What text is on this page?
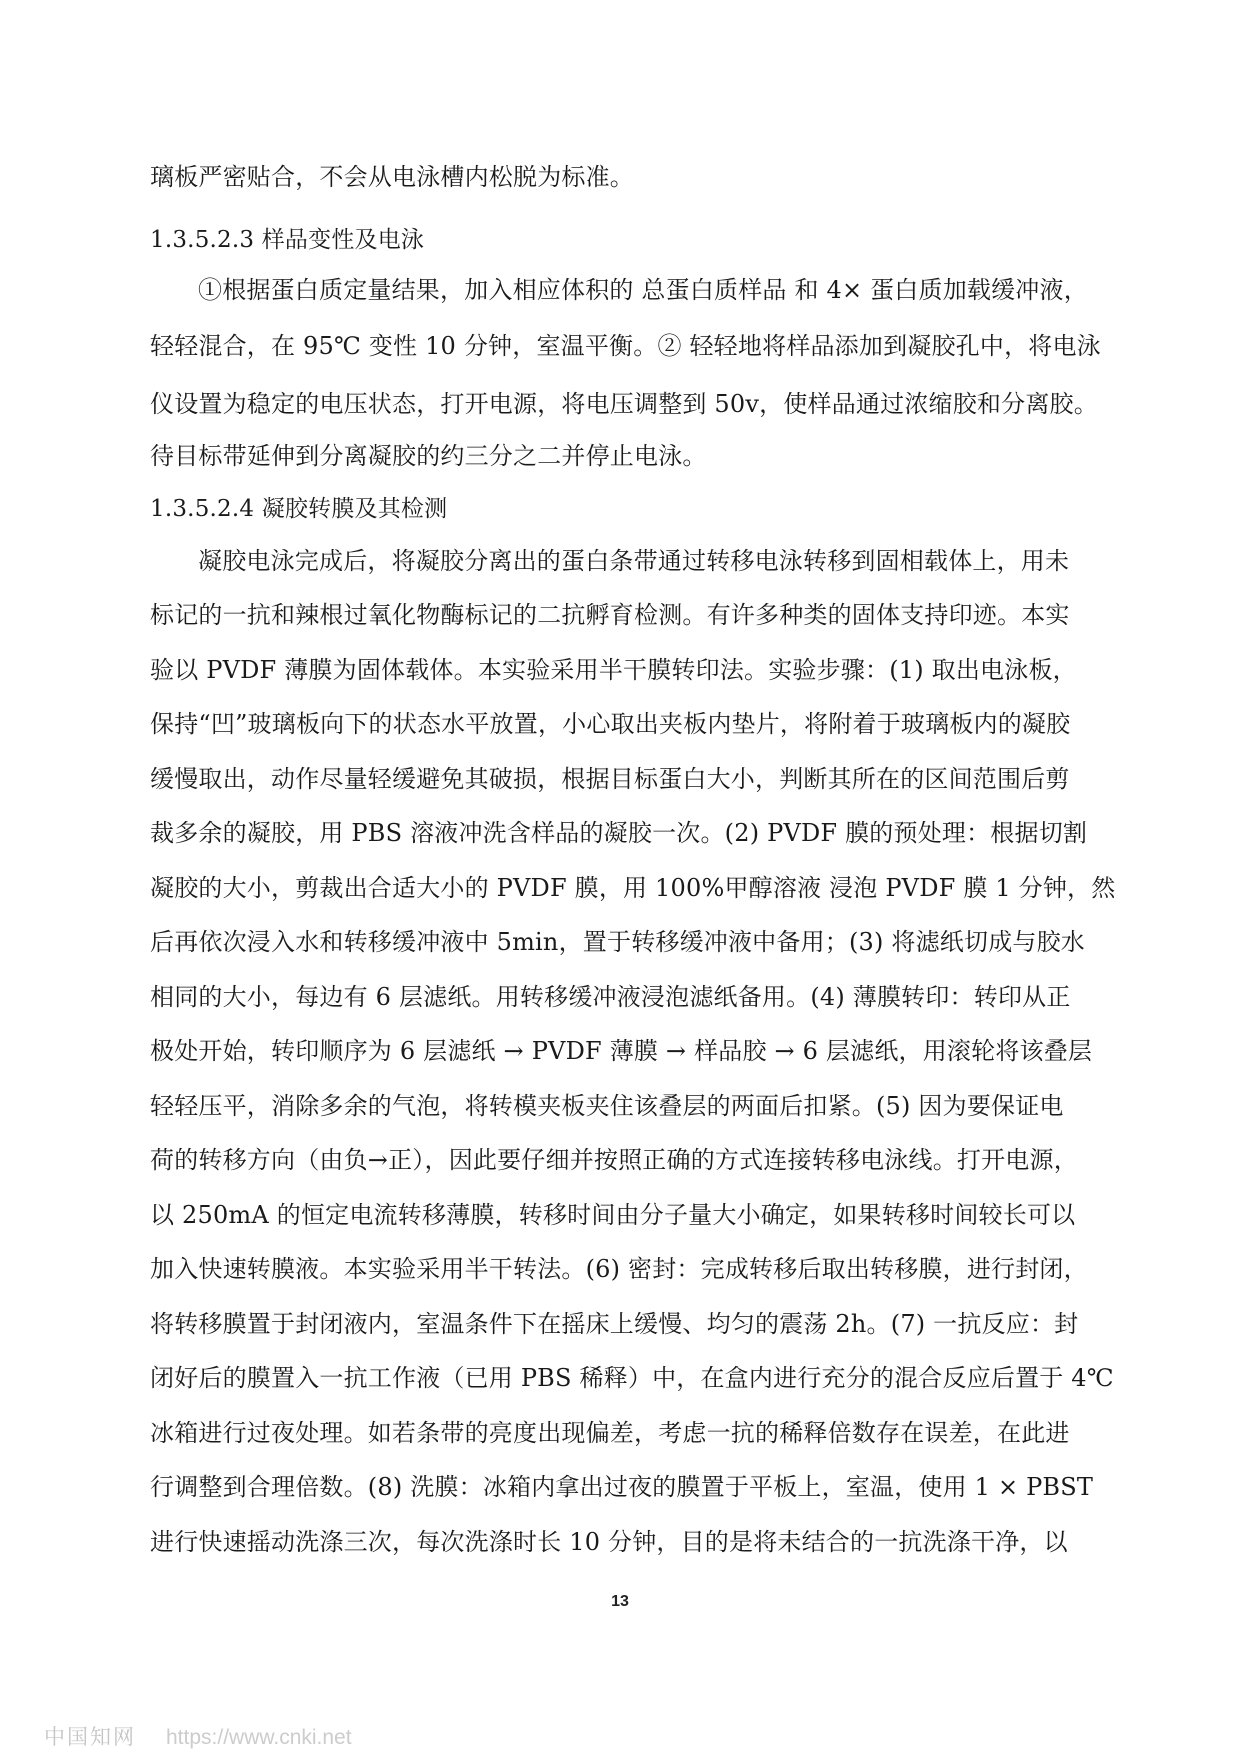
璃板严密贴合，不会从电泳槽内松脱为标准。
1.3.5.2.3 样品变性及电泳
①根据蛋白质定量结果，加入相应体积的 总蛋白质样品 和 4× 蛋白质加载缓冲液，
轻轻混合，在 95℃ 变性 10 分钟，室温平衡。② 轻轻地将样品添加到凝胶孔中，将电泳
仪设置为稳定的电压状态，打开电源，将电压调整到 50v，使样品通过浓缩胶和分离胶。
待目标带延伸到分离凝胶的约三分之二并停止电泳。
1.3.5.2.4 凝胶转膜及其检测
凝胶电泳完成后，将凝胶分离出的蛋白条带通过转移电泳转移到固相载体上，用未
标记的一抗和辣根过氧化物酶标记的二抗孵育检测。有许多种类的固体支持印迹。本实
验以 PVDF 薄膜为固体载体。本实验采用半干膜转印法。实验步骤：(1) 取出电泳板，
保持“凹”玻璃板向下的状态水平放置，小心取出夹板内垫片，将附着于玻璃板内的凝胶
缓慢取出，动作尽量轻缓避免其破损，根据目标蛋白大小，判断其所在的区间范围后剪
裁多余的凝胶，用 PBS 溶液冲洗含样品的凝胶一次。(2) PVDF 膜的预处理：根据切割
凝胶的大小，剪裁出合适大小的 PVDF 膜，用 100%甲醇溶液 浸泡 PVDF 膜 1 分钟，然
后再依次浸入水和转移缓冲液中 5min，置于转移缓冲液中备用；(3) 将滤纸切成与胶水
相同的大小，每边有 6 层滤纸。用转移缓冲液浸泡滤纸备用。(4) 薄膜转印：转印从正
极处开始，转印顺序为 6 层滤纸 → PVDF 薄膜 → 样品胶 → 6 层滤纸，用滚轮将该叠层
轻轻压平，消除多余的气泡，将转模夹板夹住该叠层的两面后扣紧。(5) 因为要保证电
荷的转移方向（由负→正），因此要仔细并按照正确的方式连接转移电泳线。打开电源，
以 250mA 的恒定电流转移薄膜，转移时间由分子量大小确定，如果转移时间较长可以
加入快速转膜液。本实验采用半干转法。(6) 密封：完成转移后取出转移膜，进行封闭，
将转移膜置于封闭液内，室温条件下在摇床上缓慢、均匀的震荡 2h。(7) 一抗反应：封
闭好后的膜置入一抗工作液（已用 PBS 稀释）中，在盒内进行充分的混合反应后置于 4℃
冰箱进行过夜处理。如若条带的亮度出现偏差，考虑一抗的稀释倍数存在误差，在此进
行调整到合理倍数。(8) 洗膜：冰箱内拿出过夜的膜置于平板上，室温，使用 1 × PBST
进行快速摇动洗涤三次，每次洗涤时长 10 分钟，目的是将未结合的一抗洗涤干净，以
13
中国知网 https://www.cnki.net
